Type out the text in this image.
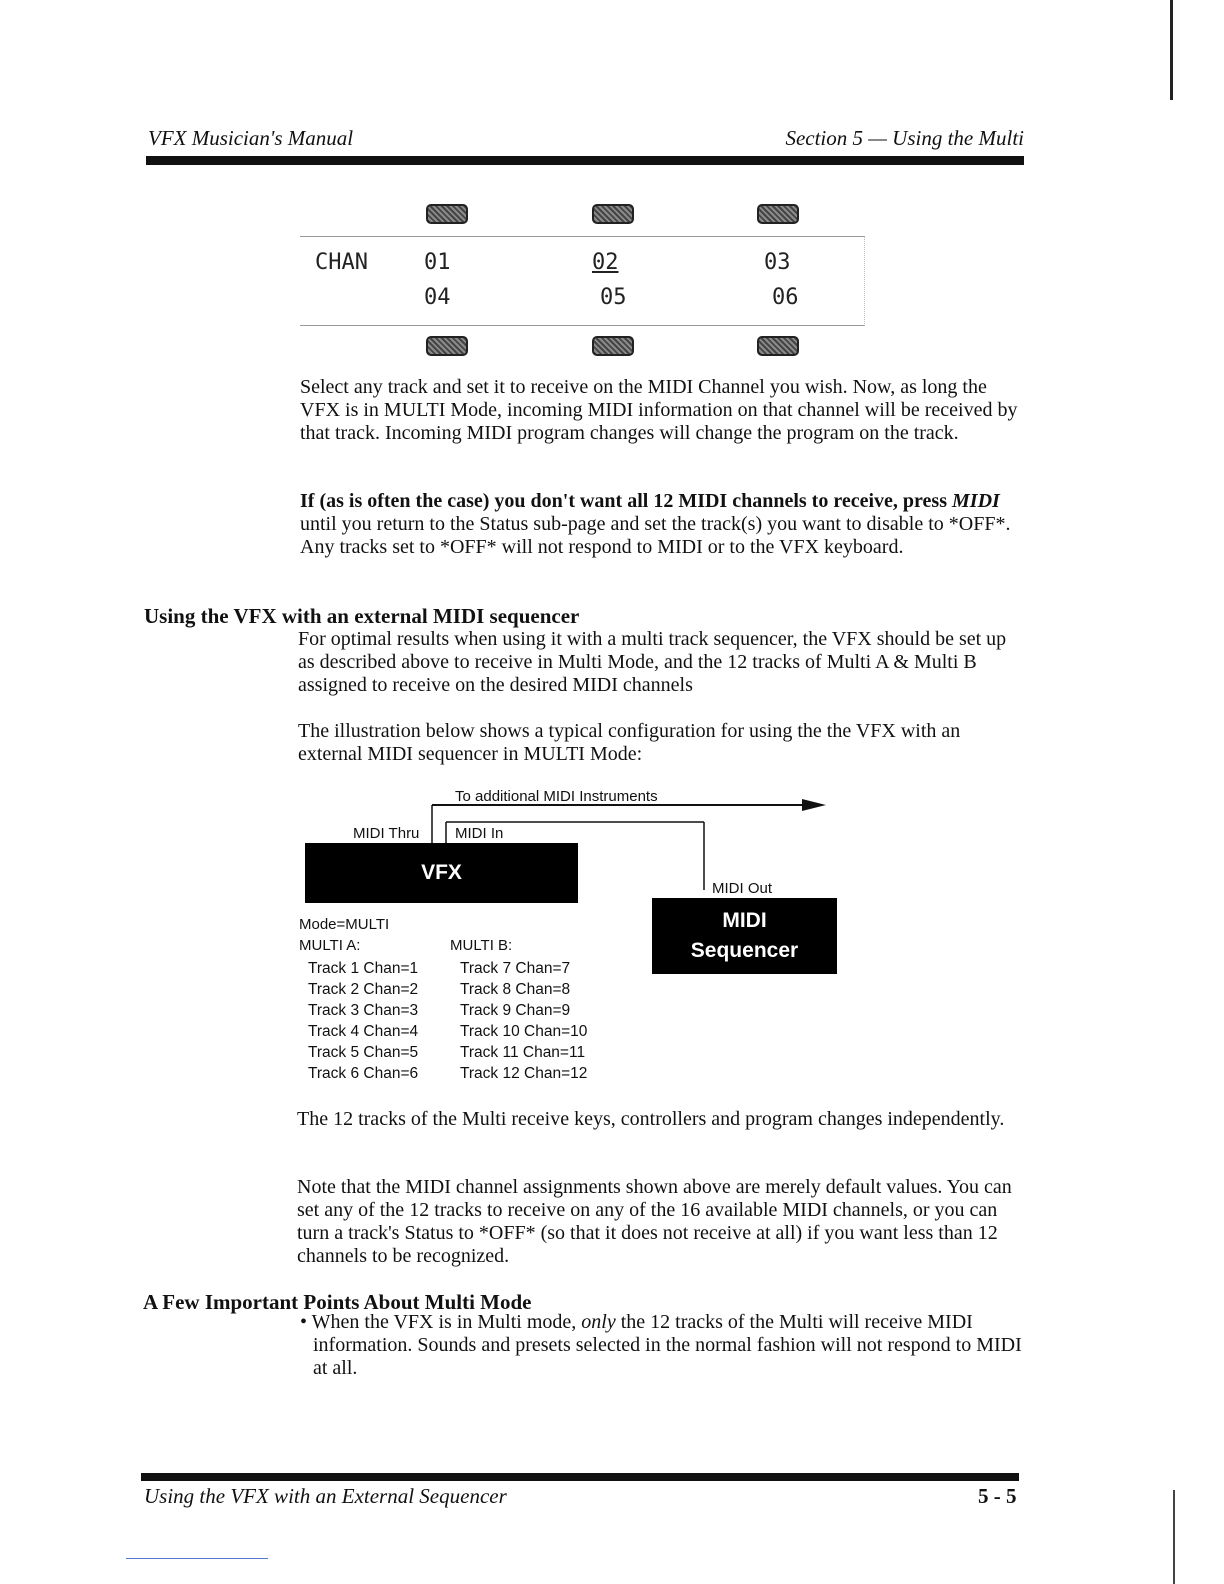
VFX Musician's Manual	Section 5 — Using the Multi
CHAN	01	02	03
04	05	06
Select any track and set it to receive on the MIDI Channel you wish. Now, as long the VFX is in MULTI Mode, incoming MIDI information on that channel will be received by that track. Incoming MIDI program changes will change the program on the track.
If (as is often the case) you don't want all 12 MIDI channels to receive, press MIDI until you return to the Status sub-page and set the track(s) you want to disable to *OFF*. Any tracks set to *OFF* will not respond to MIDI or to the VFX keyboard.
Using the VFX with an external MIDI sequencer
For optimal results when using it with a multi track sequencer, the VFX should be set up as described above to receive in Multi Mode, and the 12 tracks of Multi A & Multi B assigned to receive on the desired MIDI channels
The illustration below shows a typical configuration for using the the VFX with an external MIDI sequencer in MULTI Mode:
To additional MIDI Instruments
MIDI Thru MIDI In
VFX
MIDI Out
MIDI
Sequencer
Mode=MULTI
MULTI A:	MULTI B:
Track 1 Chan=1
Track 2 Chan=2
Track 3 Chan=3
Track 4 Chan=4
Track 5 Chan=5
Track 6 Chan=6
Track 7 Chan=7
Track 8 Chan=8
Track 9 Chan=9
Track 10 Chan=10
Track 11 Chan=11
Track 12 Chan=12
The 12 tracks of the Multi receive keys, controllers and program changes independently.
Note that the MIDI channel assignments shown above are merely default values. You can set any of the 12 tracks to receive on any of the 16 available MIDI channels, or you can turn a track's Status to *OFF* (so that it does not receive at all) if you want less than 12 channels to be recognized.
A Few Important Points About Multi Mode
• When the VFX is in Multi mode, only the 12 tracks of the Multi will receive MIDI information. Sounds and presets selected in the normal fashion will not respond to MIDI at all.
Using the VFX with an External Sequencer	5 - 5
